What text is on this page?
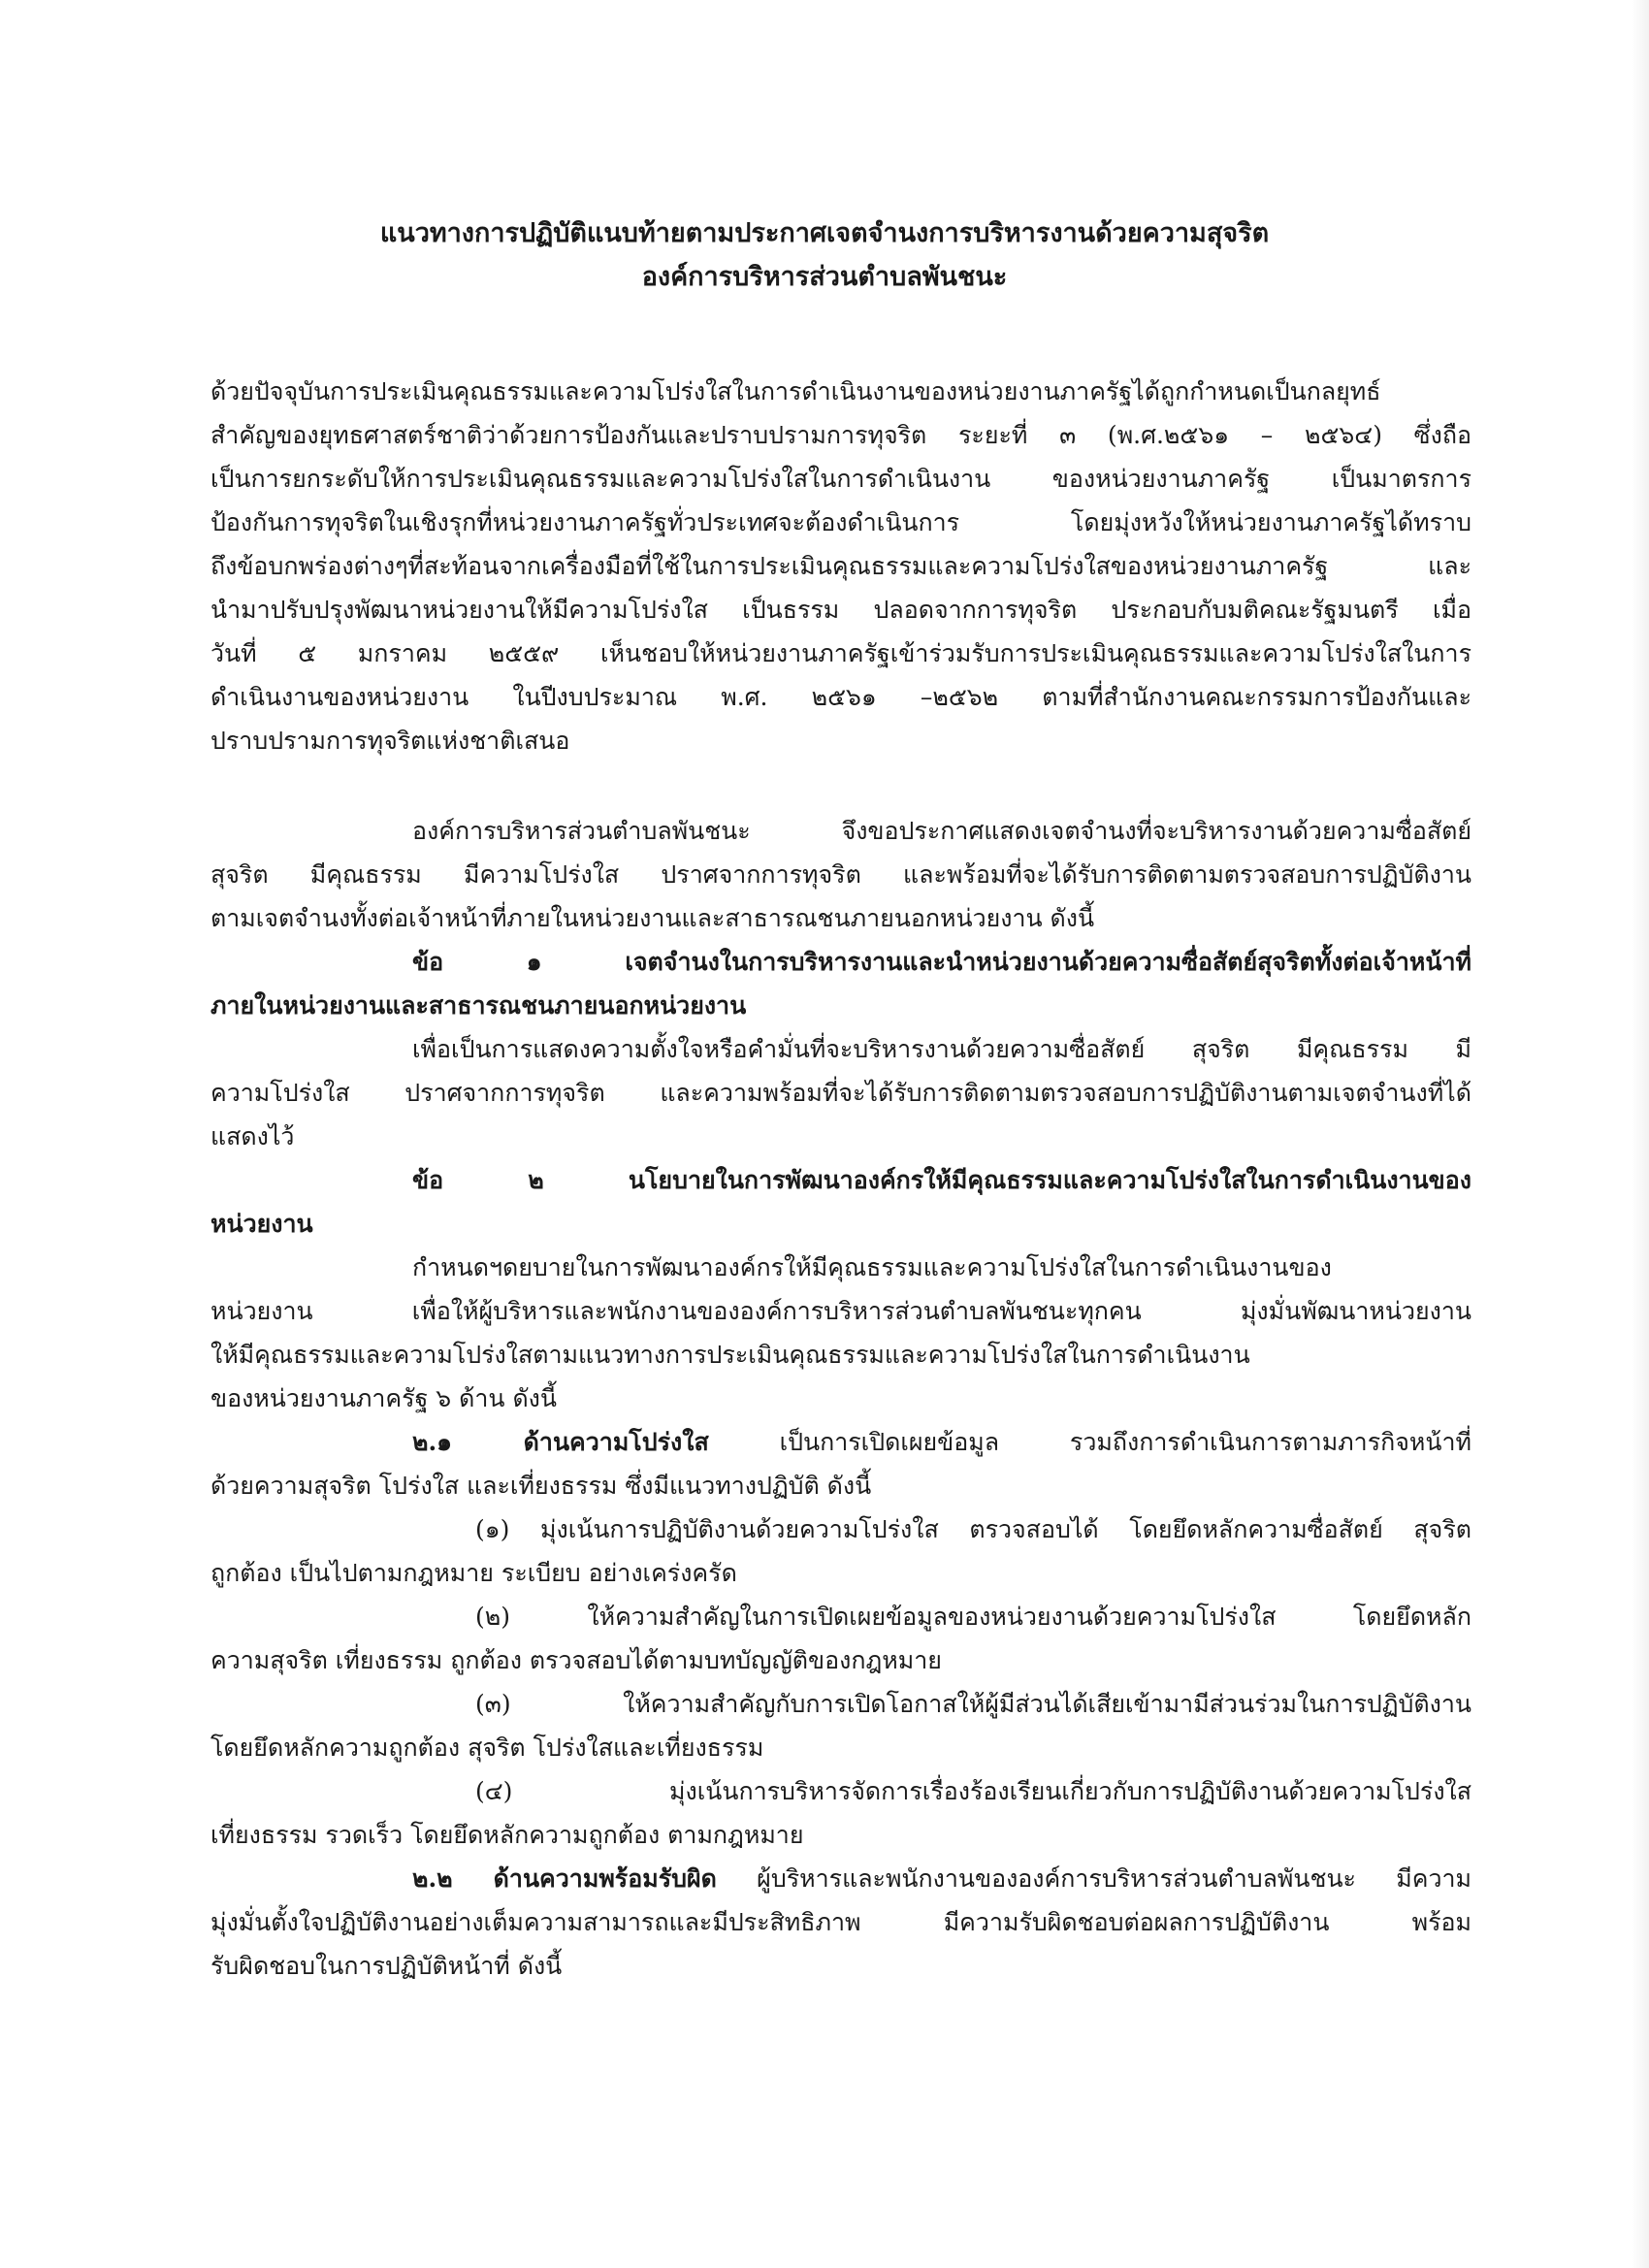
แนวทางการปฏิบัติแนบท้ายตามประกาศเจตจำนงการบริหารงานด้วยความสุจริต
องค์การบริหารส่วนตำบลพันชนะ
ด้วยปัจจุบันการประเมินคุณธรรมและความโปร่งใสในการดำเนินงานของหน่วยงานภาครัฐได้ถูกกำหนดเป็นกลยุทธ์
สำคัญของยุทธศาสตร์ชาติว่าด้วยการป้องกันและปราบปรามการทุจริต ระยะที่ ๓ (พ.ศ.๒๕๖๑ – ๒๕๖๔) ซึ่งถือ
เป็นการยกระดับให้การประเมินคุณธรรมและความโปร่งใสในการดำเนินงาน ของหน่วยงานภาครัฐ เป็นมาตรการ
ป้องกันการทุจริตในเชิงรุกที่หน่วยงานภาครัฐทั่วประเทศจะต้องดำเนินการ โดยมุ่งหวังให้หน่วยงานภาครัฐได้ทราบ
ถึงข้อบกพร่องต่างๆที่สะท้อนจากเครื่องมือที่ใช้ในการประเมินคุณธรรมและความโปร่งใสของหน่วยงานภาครัฐ และ
นำมาปรับปรุงพัฒนาหน่วยงานให้มีความโปร่งใส เป็นธรรม ปลอดจากการทุจริต ประกอบกับมติคณะรัฐมนตรี เมื่อ
วันที่ ๕ มกราคม ๒๕๕๙ เห็นชอบให้หน่วยงานภาครัฐเข้าร่วมรับการประเมินคุณธรรมและความโปร่งใสในการ
ดำเนินงานของหน่วยงาน ในปีงบประมาณ พ.ศ. ๒๕๖๑ –๒๕๖๒ ตามที่สำนักงานคณะกรรมการป้องกันและ
ปราบปรามการทุจริตแห่งชาติเสนอ
องค์การบริหารส่วนตำบลพันชนะ จึงขอประกาศแสดงเจตจำนงที่จะบริหารงานด้วยความซื่อสัตย์
สุจริต มีคุณธรรม มีความโปร่งใส ปราศจากการทุจริต และพร้อมที่จะได้รับการติดตามตรวจสอบการปฏิบัติงาน
ตามเจตจำนงทั้งต่อเจ้าหน้าที่ภายในหน่วยงานและสาธารณชนภายนอกหน่วยงาน ดังนี้
ข้อ ๑ เจตจำนงในการบริหารงานและนำหน่วยงานด้วยความซื่อสัตย์สุจริตทั้งต่อเจ้าหน้าที่
ภายในหน่วยงานและสาธารณชนภายนอกหน่วยงาน
เพื่อเป็นการแสดงความตั้งใจหรือคำมั่นที่จะบริหารงานด้วยความซื่อสัตย์ สุจริต มีคุณธรรม มี
ความโปร่งใส ปราศจากการทุจริต และความพร้อมที่จะได้รับการติดตามตรวจสอบการปฏิบัติงานตามเจตจำนงที่ได้
แสดงไว้
ข้อ ๒ นโยบายในการพัฒนาองค์กรให้มีคุณธรรมและความโปร่งใสในการดำเนินงานของ
หน่วยงาน
กำหนดฯดยบายในการพัฒนาองค์กรให้มีคุณธรรมและความโปร่งใสในการดำเนินงานของ
หน่วยงาน เพื่อให้ผู้บริหารและพนักงานขององค์การบริหารส่วนตำบลพันชนะทุกคน มุ่งมั่นพัฒนาหน่วยงาน
ให้มีคุณธรรมและความโปร่งใสตามแนวทางการประเมินคุณธรรมและความโปร่งใสในการดำเนินงาน
ของหน่วยงานภาครัฐ ๖ ด้าน ดังนี้
๒.๑ ด้านความโปร่งใส เป็นการเปิดเผยข้อมูล รวมถึงการดำเนินการตามภารกิจหน้าที่
ด้วยความสุจริต โปร่งใส และเที่ยงธรรม ซึ่งมีแนวทางปฏิบัติ ดังนี้
(๑) มุ่งเน้นการปฏิบัติงานด้วยความโปร่งใส ตรวจสอบได้ โดยยึดหลักความซื่อสัตย์ สุจริต
ถูกต้อง เป็นไปตามกฎหมาย ระเบียบ อย่างเคร่งครัด
(๒) ให้ความสำคัญในการเปิดเผยข้อมูลของหน่วยงานด้วยความโปร่งใส โดยยึดหลัก
ความสุจริต เที่ยงธรรม ถูกต้อง ตรวจสอบได้ตามบทบัญญัติของกฎหมาย
(๓) ให้ความสำคัญกับการเปิดโอกาสให้ผู้มีส่วนได้เสียเข้ามามีส่วนร่วมในการปฏิบัติงาน
โดยยึดหลักความถูกต้อง สุจริต โปร่งใสและเที่ยงธรรม
(๔) มุ่งเน้นการบริหารจัดการเรื่องร้องเรียนเกี่ยวกับการปฏิบัติงานด้วยความโปร่งใส
เที่ยงธรรม รวดเร็ว โดยยึดหลักความถูกต้อง ตามกฎหมาย
๒.๒ ด้านความพร้อมรับผิด ผู้บริหารและพนักงานขององค์การบริหารส่วนตำบลพันชนะ มีความ
มุ่งมั่นตั้งใจปฏิบัติงานอย่างเต็มความสามารถและมีประสิทธิภาพ มีความรับผิดชอบต่อผลการปฏิบัติงาน พร้อม
รับผิดชอบในการปฏิบัติหน้าที่ ดังนี้
